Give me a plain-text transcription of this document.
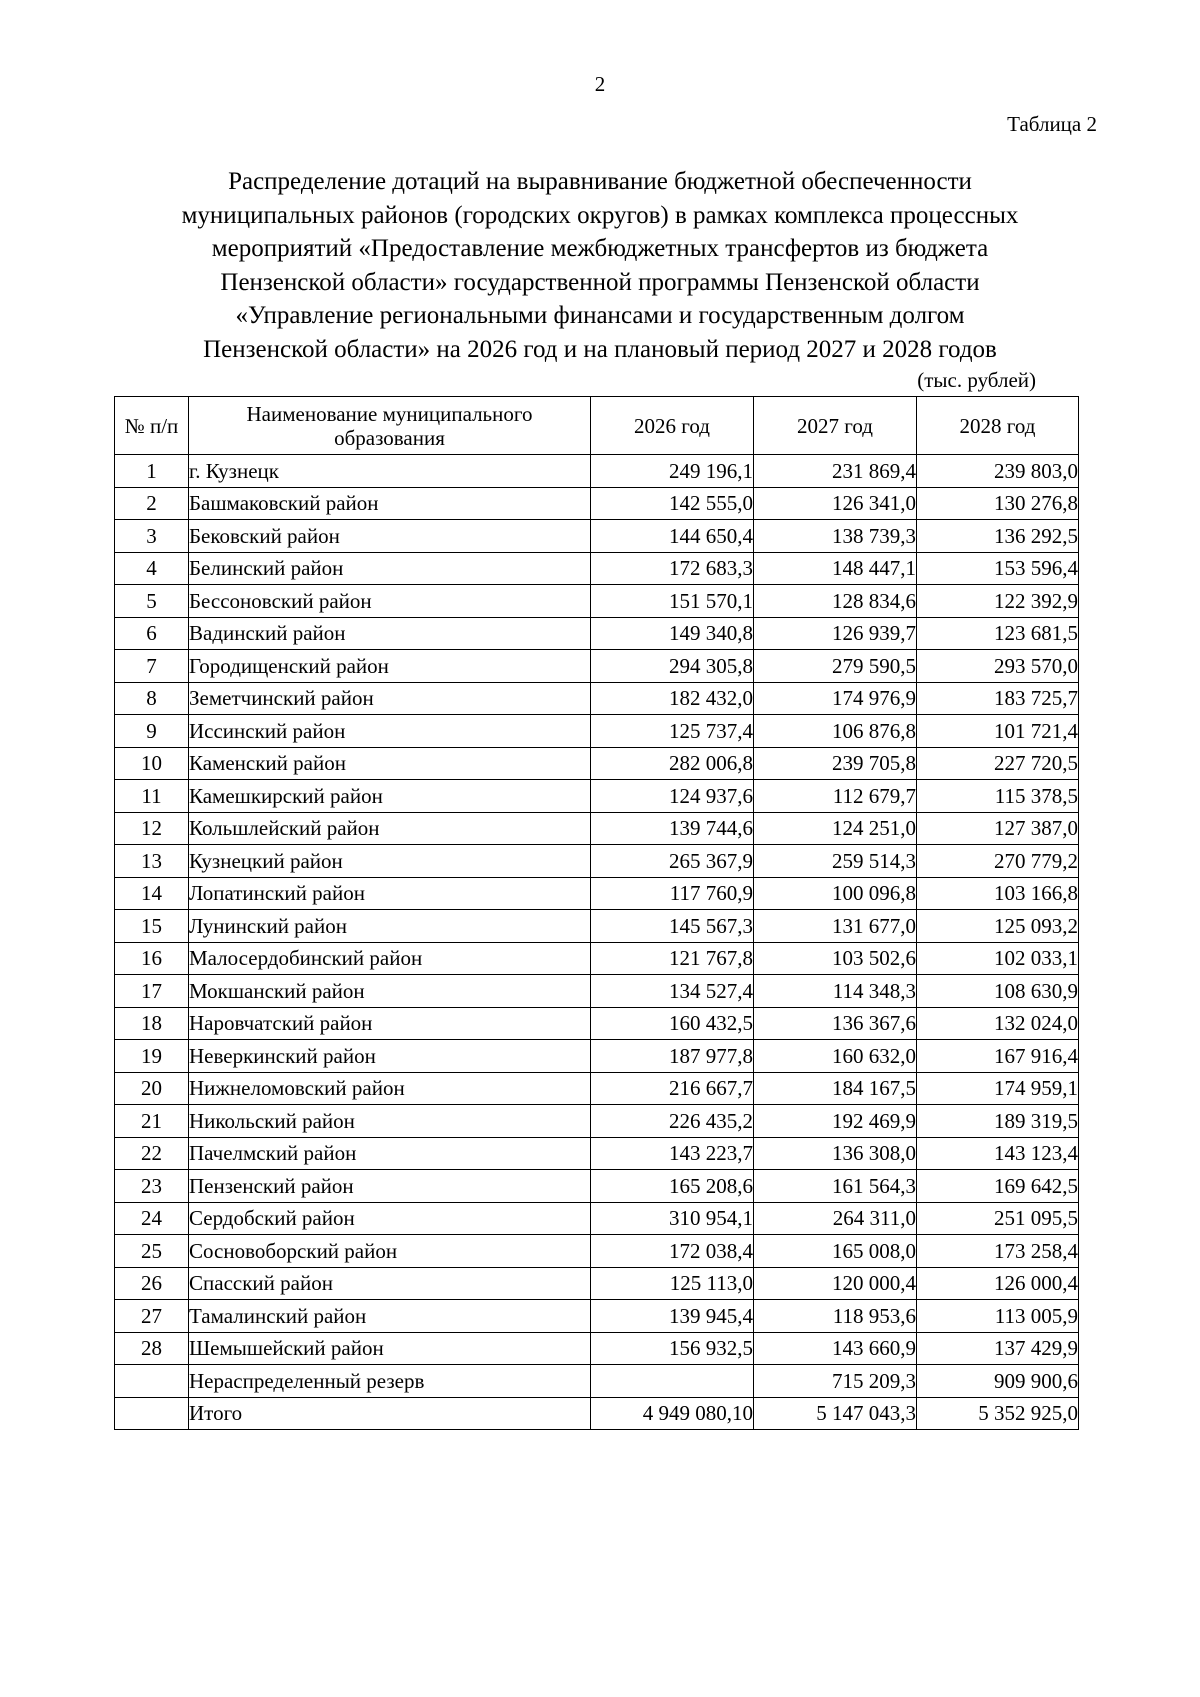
2
Таблица 2
Распределение дотаций на выравнивание бюджетной обеспеченности
муниципальных районов (городских округов) в рамках комплекса процессных
мероприятий «Предоставление межбюджетных трансфертов из бюджета
Пензенской области» государственной программы Пензенской области
«Управление региональными финансами и государственным долгом
Пензенской области» на 2026 год и на плановый период 2027 и 2028 годов
(тыс. рублей)
№ п/п	Наименование муниципального образования	2026 год	2027 год	2028 год
1	г. Кузнецк	249 196,1	231 869,4	239 803,0
2	Башмаковский район	142 555,0	126 341,0	130 276,8
3	Бековский район	144 650,4	138 739,3	136 292,5
4	Белинский район	172 683,3	148 447,1	153 596,4
5	Бессоновский район	151 570,1	128 834,6	122 392,9
6	Вадинский район	149 340,8	126 939,7	123 681,5
7	Городищенский район	294 305,8	279 590,5	293 570,0
8	Земетчинский район	182 432,0	174 976,9	183 725,7
9	Иссинский район	125 737,4	106 876,8	101 721,4
10	Каменский район	282 006,8	239 705,8	227 720,5
11	Камешкирский район	124 937,6	112 679,7	115 378,5
12	Кольшлейский район	139 744,6	124 251,0	127 387,0
13	Кузнецкий район	265 367,9	259 514,3	270 779,2
14	Лопатинский район	117 760,9	100 096,8	103 166,8
15	Лунинский район	145 567,3	131 677,0	125 093,2
16	Малосердобинский район	121 767,8	103 502,6	102 033,1
17	Мокшанский район	134 527,4	114 348,3	108 630,9
18	Наровчатский район	160 432,5	136 367,6	132 024,0
19	Неверкинский район	187 977,8	160 632,0	167 916,4
20	Нижнеломовский район	216 667,7	184 167,5	174 959,1
21	Никольский район	226 435,2	192 469,9	189 319,5
22	Пачелмский район	143 223,7	136 308,0	143 123,4
23	Пензенский район	165 208,6	161 564,3	169 642,5
24	Сердобский район	310 954,1	264 311,0	251 095,5
25	Сосновоборский район	172 038,4	165 008,0	173 258,4
26	Спасский район	125 113,0	120 000,4	126 000,4
27	Тамалинский район	139 945,4	118 953,6	113 005,9
28	Шемышейский район	156 932,5	143 660,9	137 429,9
	Нераспределенный резерв		715 209,3	909 900,6
	Итого	4 949 080,10	5 147 043,3	5 352 925,0
